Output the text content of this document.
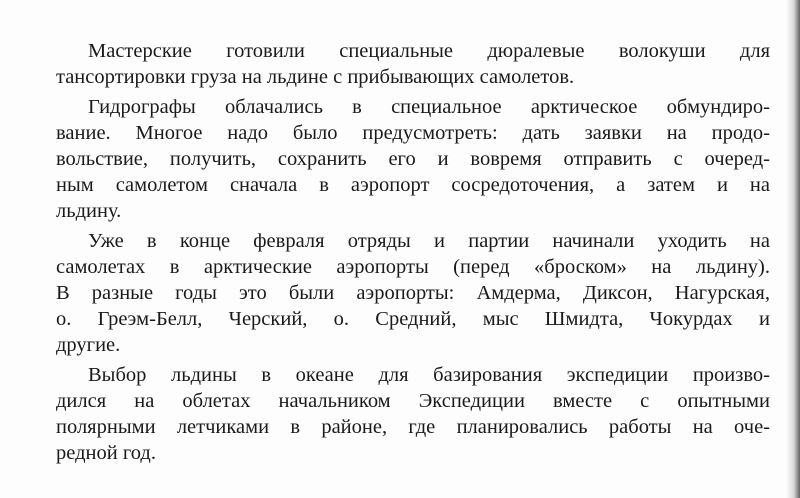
Мастерские готовили специальные дюралевые волокуши для
тансортировки груза на льдине с прибывающих самолетов.
Гидрографы облачались в специальное арктическое обмундиро-
вание. Многое надо было предусмотреть: дать заявки на продо-
вольствие, получить, сохранить его и вовремя отправить с очеред-
ным самолетом сначала в аэропорт сосредоточения, а затем и на
льдину.
Уже в конце февраля отряды и партии начинали уходить на
самолетах в арктические аэропорты (перед «броском» на льдину).
В разные годы это были аэропорты: Амдерма, Диксон, Нагурская,
о. Греэм-Белл, Черский, о. Средний, мыс Шмидта, Чокурдах и
другие.
Выбор льдины в океане для базирования экспедиции произво-
дился на облетах начальником Экспедиции вместе с опытными
полярными летчиками в районе, где планировались работы на оче-
редной год.
